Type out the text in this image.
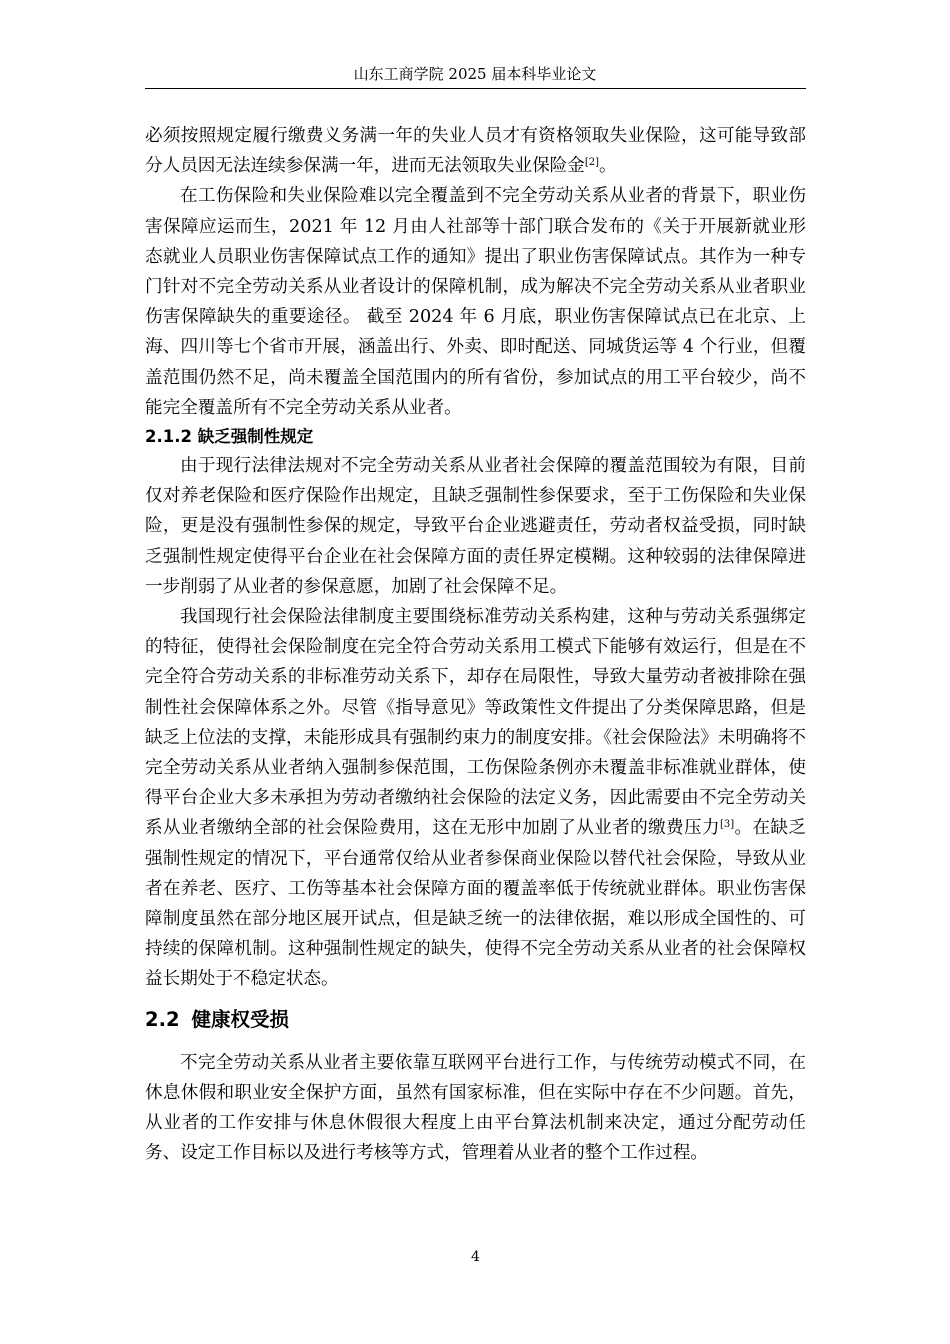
山东工商学院 2025 届本科毕业论文

必须按照规定履行缴费义务满一年的失业人员才有资格领取失业保险，这可能导致部分人员因无法连续参保满一年，进而无法领取失业保险金[2]。

在工伤保险和失业保险难以完全覆盖到不完全劳动关系从业者的背景下，职业伤害保障应运而生，2021 年 12 月由人社部等十部门联合发布的《关于开展新就业形态就业人员职业伤害保障试点工作的通知》提出了职业伤害保障试点。其作为一种专门针对不完全劳动关系从业者设计的保障机制，成为解决不完全劳动关系从业者职业伤害保障缺失的重要途径。 截至 2024 年 6 月底，职业伤害保障试点已在北京、上海、四川等七个省市开展，涵盖出行、外卖、即时配送、同城货运等 4 个行业，但覆盖范围仍然不足，尚未覆盖全国范围内的所有省份，参加试点的用工平台较少，尚不能完全覆盖所有不完全劳动关系从业者。

2.1.2 缺乏强制性规定

由于现行法律法规对不完全劳动关系从业者社会保障的覆盖范围较为有限，目前仅对养老保险和医疗保险作出规定，且缺乏强制性参保要求，至于工伤保险和失业保险，更是没有强制性参保的规定，导致平台企业逃避责任，劳动者权益受损，同时缺乏强制性规定使得平台企业在社会保障方面的责任界定模糊。这种较弱的法律保障进一步削弱了从业者的参保意愿，加剧了社会保障不足。

我国现行社会保险法律制度主要围绕标准劳动关系构建，这种与劳动关系强绑定的特征，使得社会保险制度在完全符合劳动关系用工模式下能够有效运行，但是在不完全符合劳动关系的非标准劳动关系下，却存在局限性，导致大量劳动者被排除在强制性社会保障体系之外。尽管《指导意见》等政策性文件提出了分类保障思路，但是缺乏上位法的支撑，未能形成具有强制约束力的制度安排。《社会保险法》未明确将不完全劳动关系从业者纳入强制参保范围，工伤保险条例亦未覆盖非标准就业群体，使得平台企业大多未承担为劳动者缴纳社会保险的法定义务，因此需要由不完全劳动关系从业者缴纳全部的社会保险费用，这在无形中加剧了从业者的缴费压力[3]。在缺乏强制性规定的情况下，平台通常仅给从业者参保商业保险以替代社会保险，导致从业者在养老、医疗、工伤等基本社会保障方面的覆盖率低于传统就业群体。职业伤害保障制度虽然在部分地区展开试点，但是缺乏统一的法律依据，难以形成全国性的、可持续的保障机制。这种强制性规定的缺失，使得不完全劳动关系从业者的社会保障权益长期处于不稳定状态。

2.2 健康权受损

不完全劳动关系从业者主要依靠互联网平台进行工作，与传统劳动模式不同，在休息休假和职业安全保护方面，虽然有国家标准，但在实际中存在不少问题。首先，从业者的工作安排与休息休假很大程度上由平台算法机制来决定，通过分配劳动任务、设定工作目标以及进行考核等方式，管理着从业者的整个工作过程。

4
